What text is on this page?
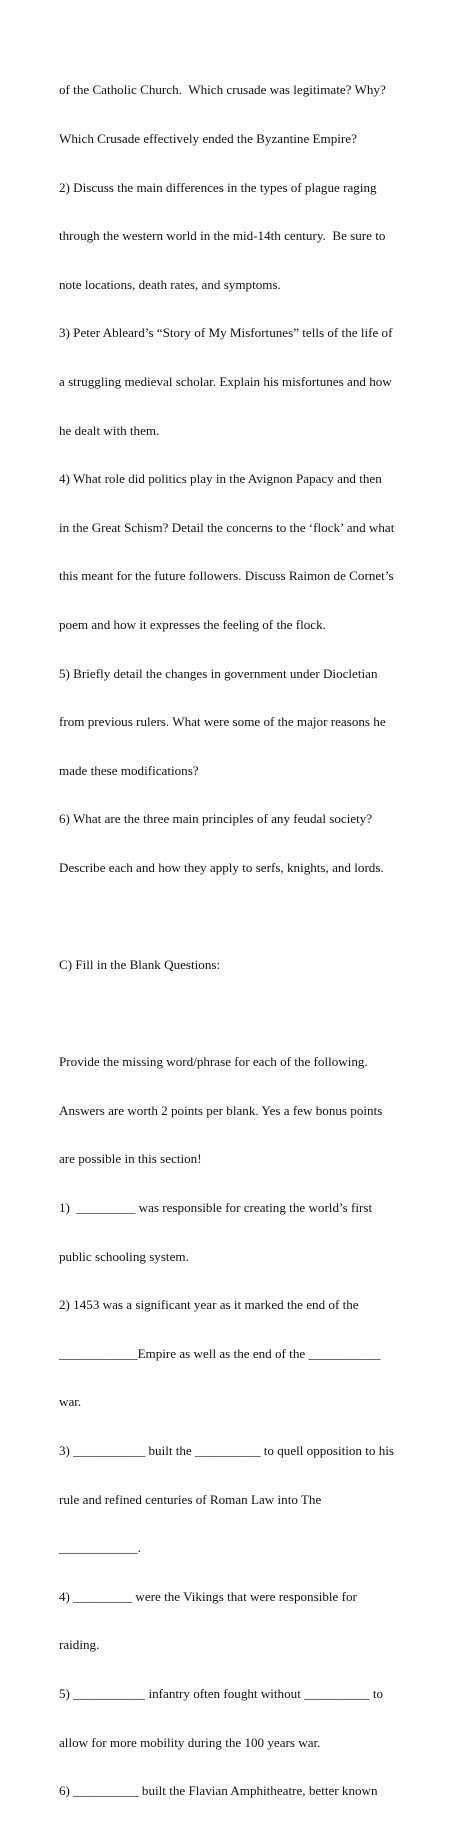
of the Catholic Church.  Which crusade was legitimate? Why?

Which Crusade effectively ended the Byzantine Empire?

2) Discuss the main differences in the types of plague raging

through the western world in the mid-14th century.  Be sure to

note locations, death rates, and symptoms.

3) Peter Ableard’s “Story of My Misfortunes” tells of the life of

a struggling medieval scholar. Explain his misfortunes and how

he dealt with them.

4) What role did politics play in the Avignon Papacy and then

in the Great Schism? Detail the concerns to the ‘flock’ and what

this meant for the future followers. Discuss Raimon de Cornet’s

poem and how it expresses the feeling of the flock.

5) Briefly detail the changes in government under Diocletian

from previous rulers. What were some of the major reasons he

made these modifications?

6) What are the three main principles of any feudal society?

Describe each and how they apply to serfs, knights, and lords.

C) Fill in the Blank Questions:

Provide the missing word/phrase for each of the following.

Answers are worth 2 points per blank. Yes a few bonus points

are possible in this section!

1)  _________ was responsible for creating the world’s first

public schooling system.

2) 1453 was a significant year as it marked the end of the

____________Empire as well as the end of the ___________

war.

3) ___________ built the __________ to quell opposition to his

rule and refined centuries of Roman Law into The

____________.

4) _________ were the Vikings that were responsible for

raiding.

5) ___________ infantry often fought without __________ to

allow for more mobility during the 100 years war.

6) __________ built the Flavian Amphitheatre, better known
